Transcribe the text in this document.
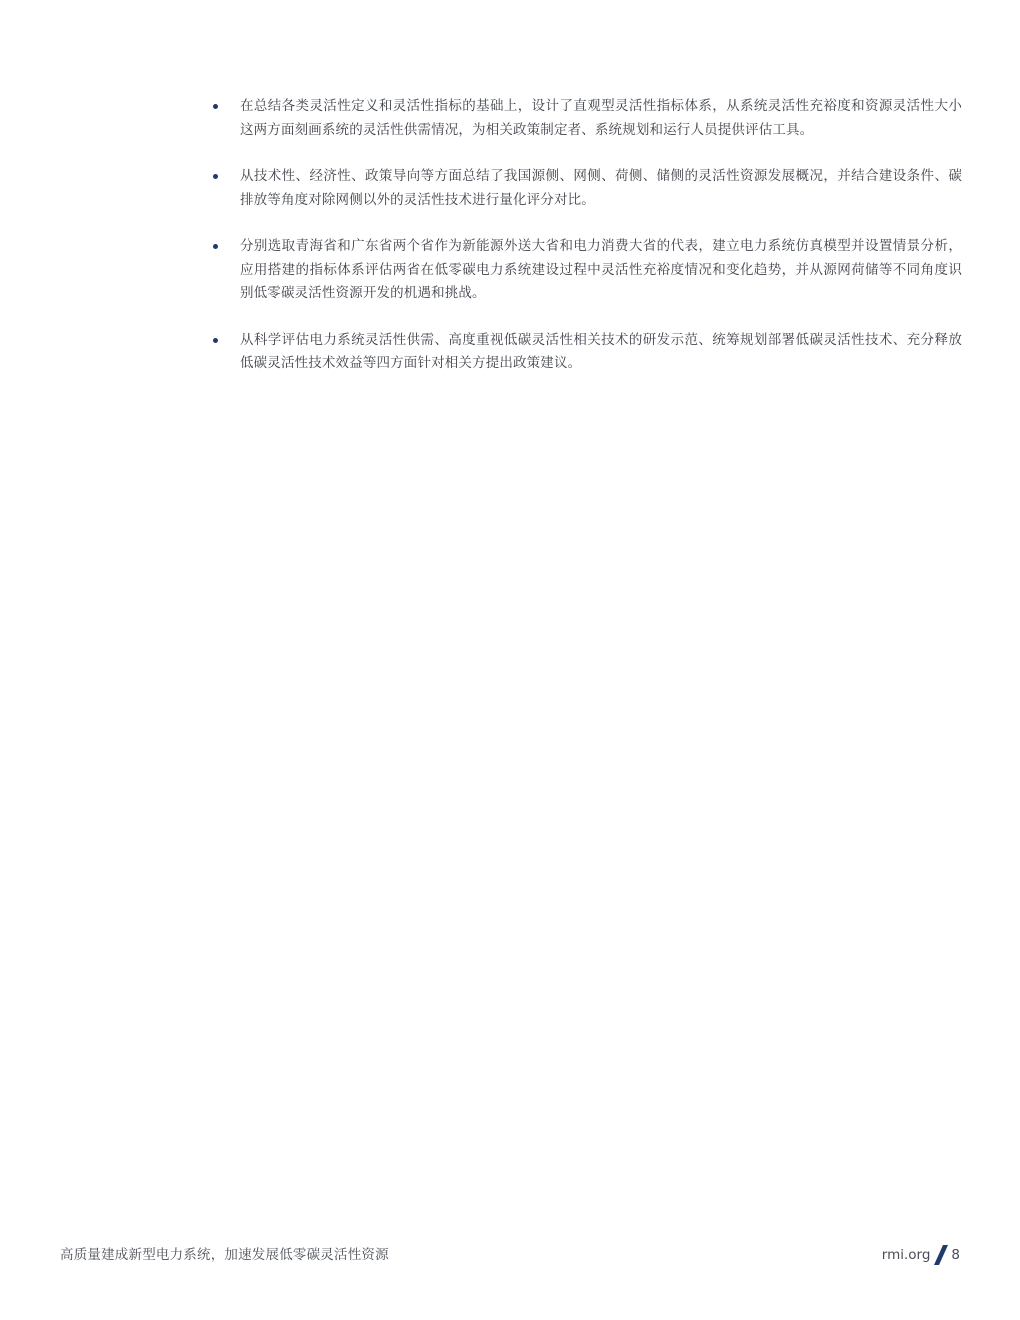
在总结各类灵活性定义和灵活性指标的基础上，设计了直观型灵活性指标体系，从系统灵活性充裕度和资源灵活性大小这两方面刻画系统的灵活性供需情况，为相关政策制定者、系统规划和运行人员提供评估工具。
从技术性、经济性、政策导向等方面总结了我国源侧、网侧、荷侧、储侧的灵活性资源发展概况，并结合建设条件、碳排放等角度对除网侧以外的灵活性技术进行量化评分对比。
分别选取青海省和广东省两个省作为新能源外送大省和电力消费大省的代表，建立电力系统仿真模型并设置情景分析，应用搭建的指标体系评估两省在低零碳电力系统建设过程中灵活性充裕度情况和变化趋势，并从源网荷储等不同角度识别低零碳灵活性资源开发的机遇和挑战。
从科学评估电力系统灵活性供需、高度重视低碳灵活性相关技术的研发示范、统筹规划部署低碳灵活性技术、充分释放低碳灵活性技术效益等四方面针对相关方提出政策建议。
高质量建成新型电力系统，加速发展低零碳灵活性资源	rmi.org 8
